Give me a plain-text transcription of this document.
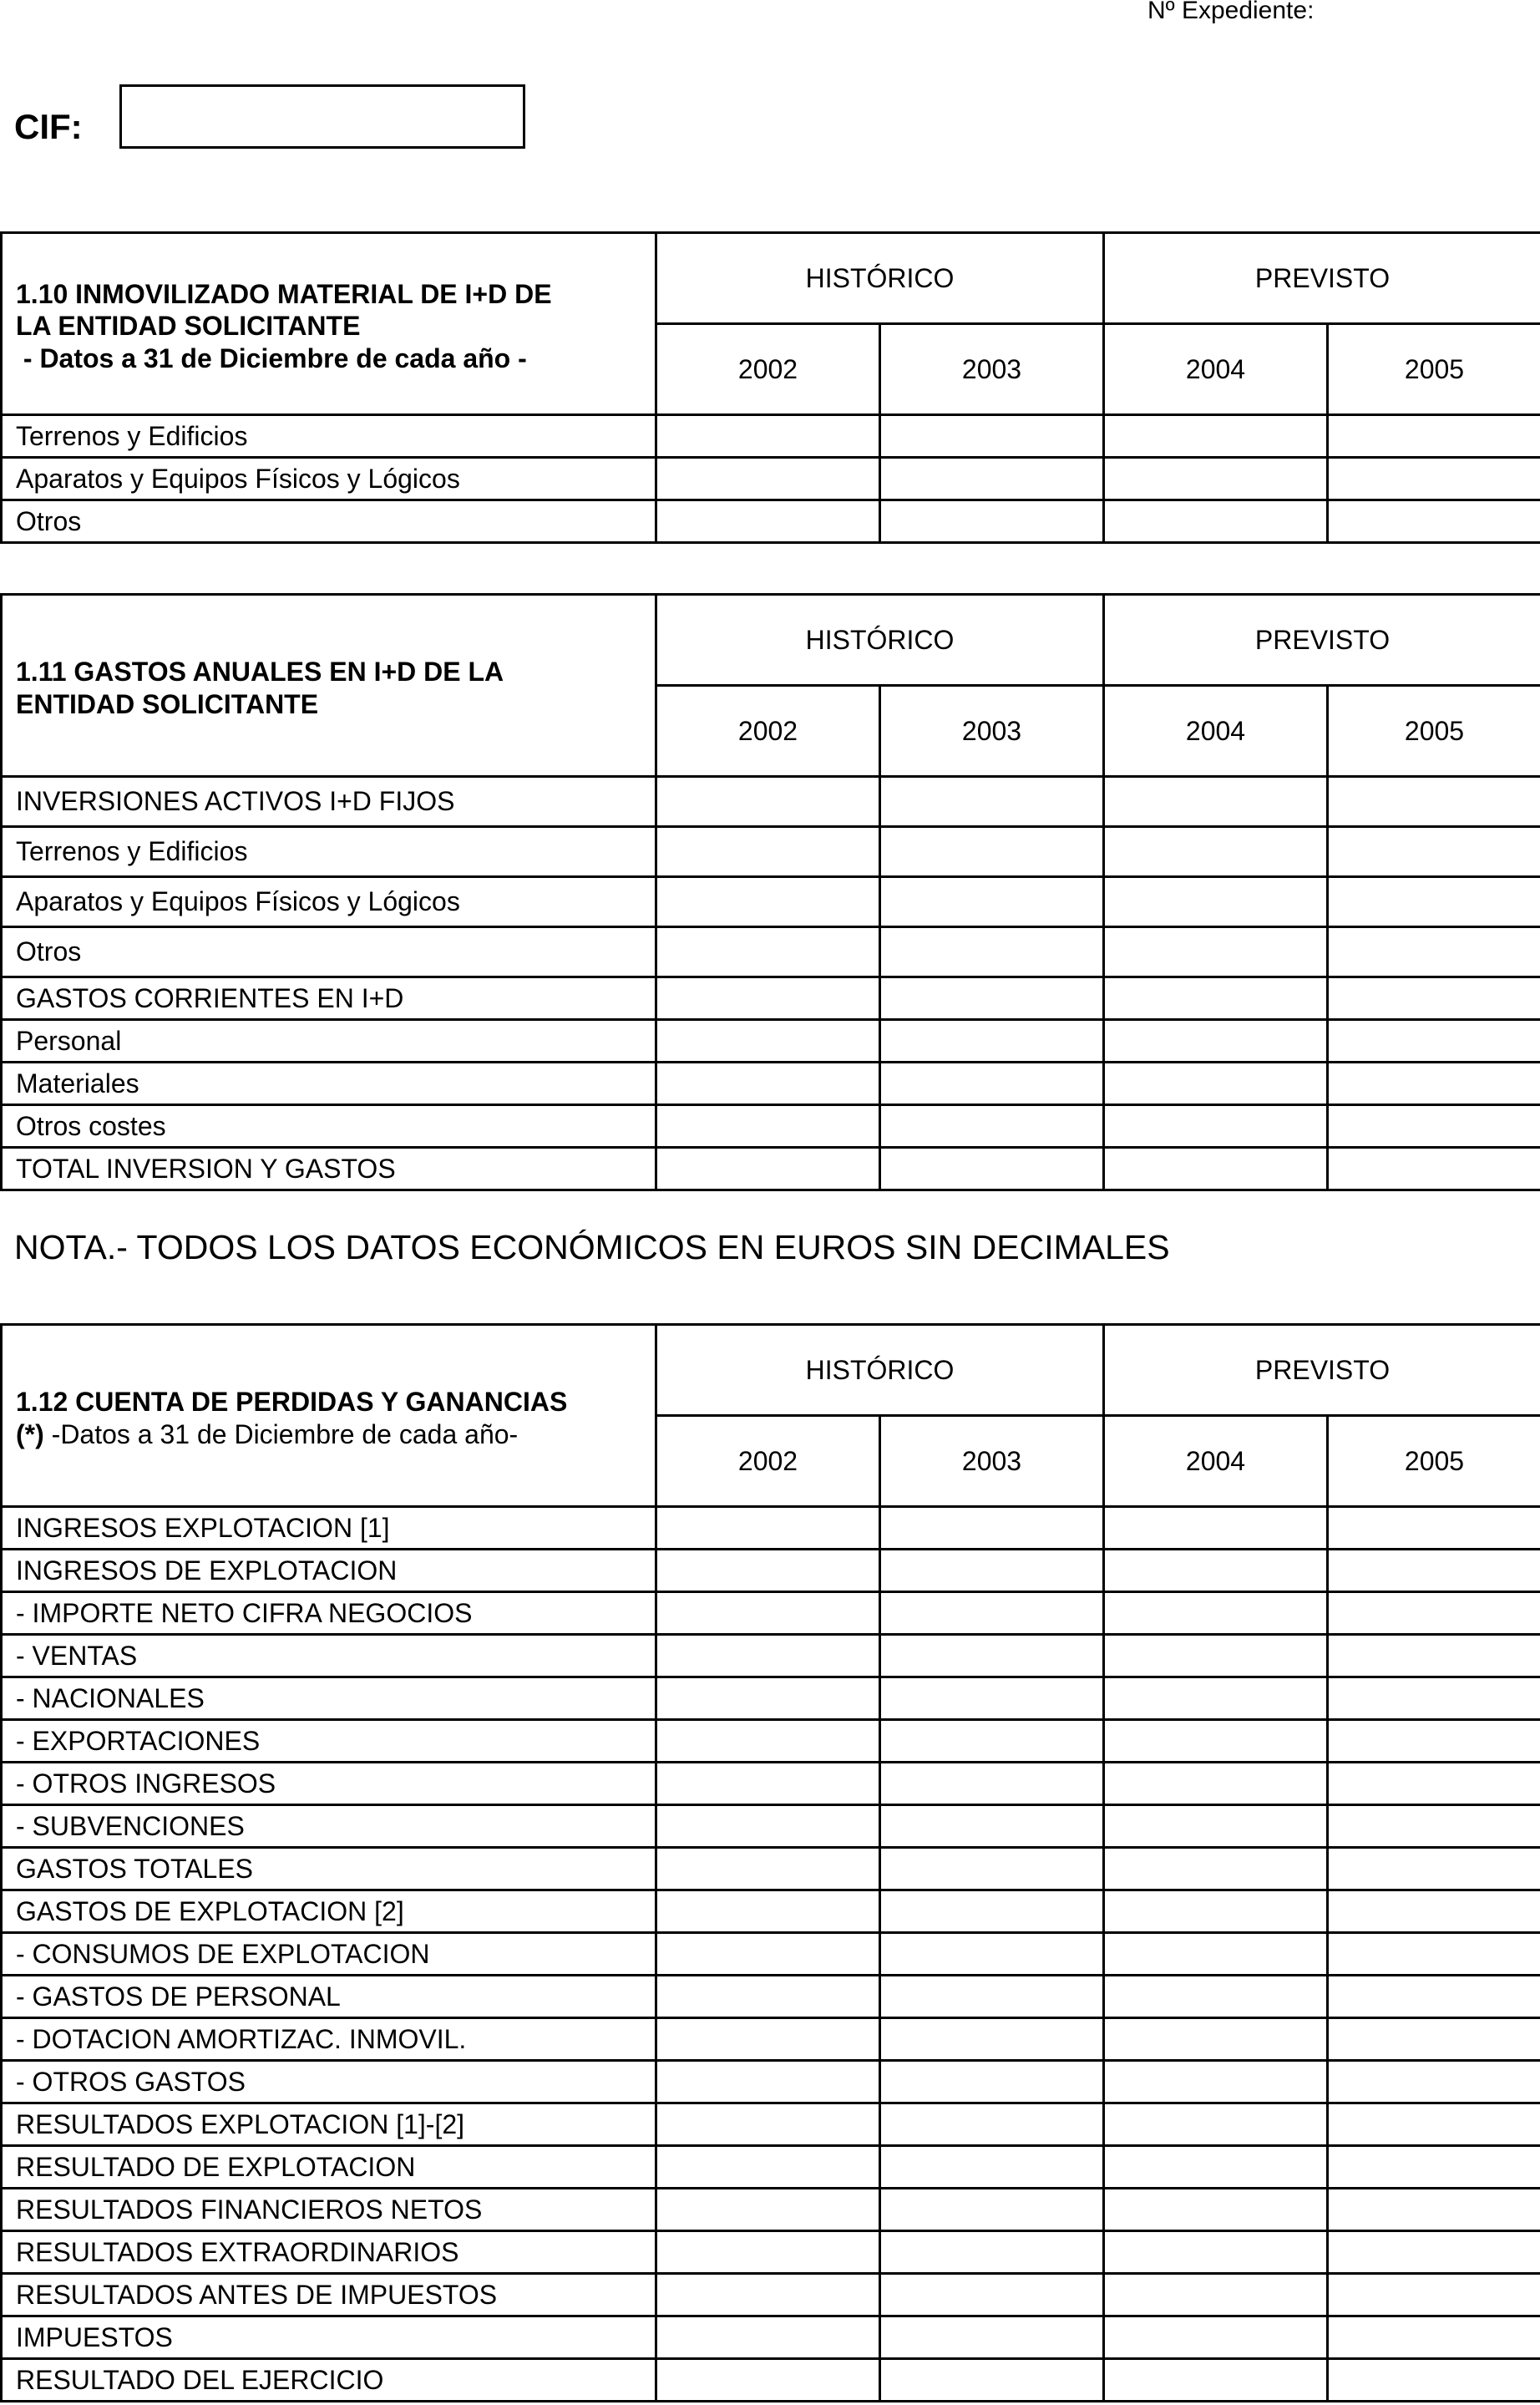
Nº Expediente:
CIF:
1.10 INMOVILIZADO MATERIAL DE I+D DE
LA ENTIDAD SOLICITANTE
- Datos a 31 de Diciembre de cada año -	HISTÓRICO		PREVISTO	
	2002	2003	2004	2005
Terrenos y Edificios				
Aparatos y Equipos Físicos y Lógicos				
Otros				
1.11 GASTOS ANUALES EN I+D DE LA
ENTIDAD SOLICITANTE	HISTÓRICO		PREVISTO	
	2002	2003	2004	2005
INVERSIONES ACTIVOS I+D FIJOS				
Terrenos y Edificios				
Aparatos y Equipos Físicos y Lógicos				
Otros				
GASTOS CORRIENTES EN I+D				
Personal				
Materiales				
Otros costes				
TOTAL INVERSION Y GASTOS				
NOTA.- TODOS LOS DATOS ECONÓMICOS EN EUROS SIN DECIMALES
1.12 CUENTA DE PERDIDAS Y GANANCIAS
(*) -Datos a 31 de Diciembre de cada año-	HISTÓRICO		PREVISTO	
	2002	2003	2004	2005
INGRESOS EXPLOTACION [1]				
INGRESOS DE EXPLOTACION				
- IMPORTE NETO CIFRA NEGOCIOS				
- VENTAS				
- NACIONALES				
- EXPORTACIONES				
- OTROS INGRESOS				
- SUBVENCIONES				
GASTOS TOTALES				
GASTOS DE EXPLOTACION [2]				
- CONSUMOS DE EXPLOTACION				
- GASTOS DE PERSONAL				
- DOTACION AMORTIZAC. INMOVIL.				
- OTROS GASTOS				
RESULTADOS EXPLOTACION [1]-[2]				
RESULTADO DE EXPLOTACION				
RESULTADOS FINANCIEROS NETOS				
RESULTADOS EXTRAORDINARIOS				
RESULTADOS ANTES DE IMPUESTOS				
IMPUESTOS				
RESULTADO DEL EJERCICIO				
